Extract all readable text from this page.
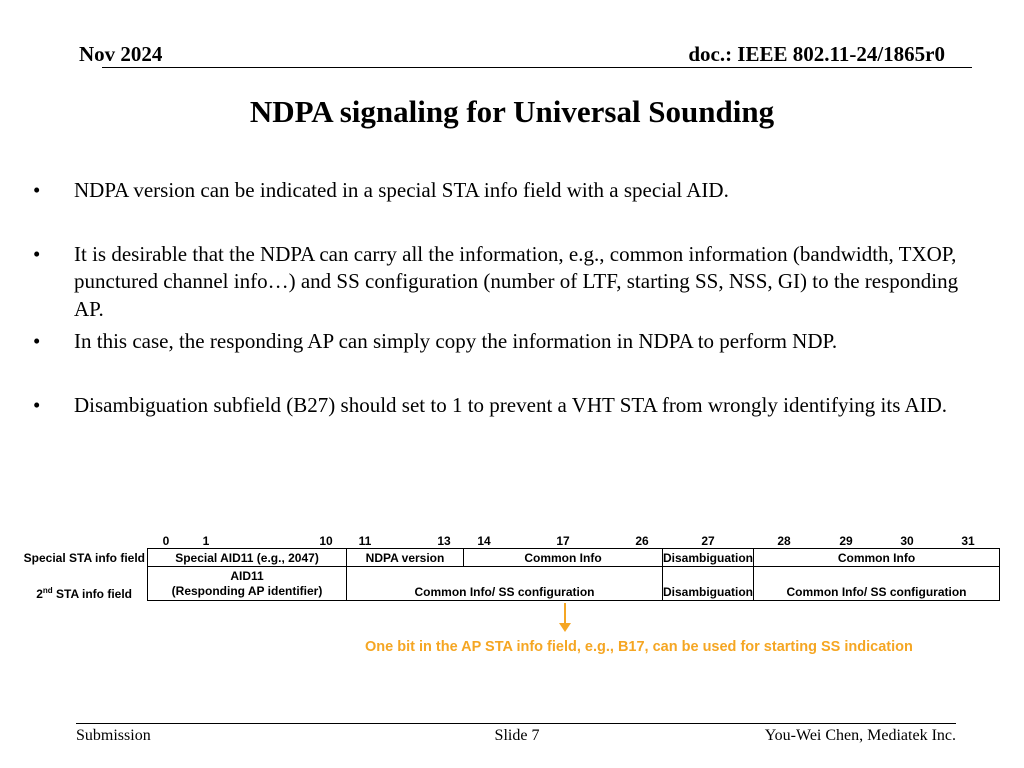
Nov 2024	doc.: IEEE 802.11-24/1865r0
NDPA signaling for Universal Sounding
• NDPA version can be indicated in a special STA info field with a special AID.
• It is desirable that the NDPA can carry all the information, e.g., common information (bandwidth, TXOP, punctured channel info…) and SS configuration (number of LTF, starting SS, NSS, GI) to the responding AP.
• In this case, the responding AP can simply copy the information in NDPA to perform NDP.
• Disambiguation subfield (B27) should set to 1 to prevent a VHT STA from wrongly identifying its AID.
0	1	10 11	13 14	17	26	27	28	29	30	31
Special STA info field
2nd STA info field
Special AID11 (e.g., 2047)	NDPA version	Common Info	Disambiguation	Common Info
AID11
(Responding AP identifier)	Common Info/ SS configuration	Disambiguation	Common Info/ SS configuration
One bit in the AP STA info field, e.g., B17, can be used for starting SS indication
Submission	Slide 7	You-Wei Chen, Mediatek Inc.
